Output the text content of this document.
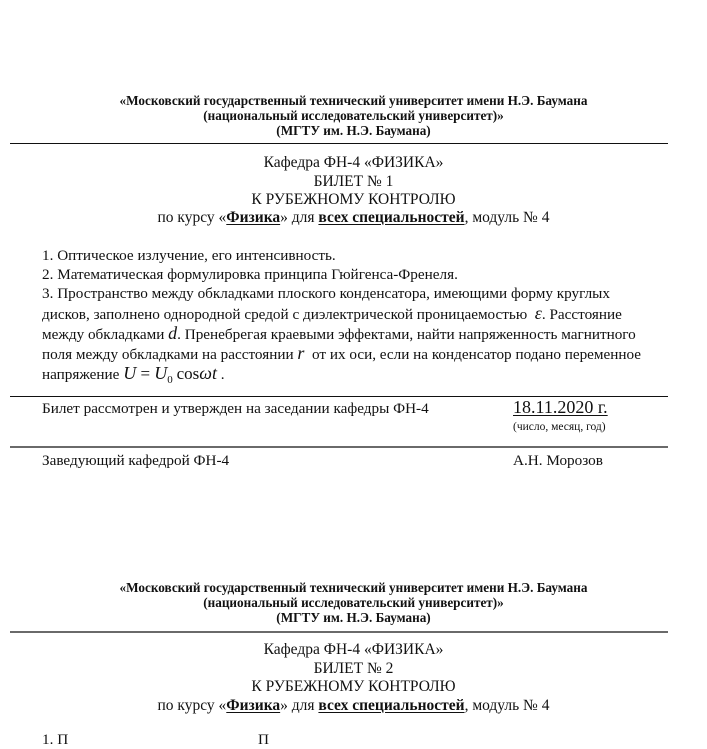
«Московский государственный технический университет имени Н.Э. Баумана
(национальный исследовательский университет)»
(МГТУ им. Н.Э. Баумана)
Кафедра ФН-4 «ФИЗИКА»
БИЛЕТ № 1
К РУБЕЖНОМУ КОНТРОЛЮ
по курсу «Физика» для всех специальностей, модуль № 4
1. Оптическое излучение, его интенсивность.
2. Математическая формулировка принципа Гюйгенса-Френеля.
3. Пространство между обкладками плоского конденсатора, имеющими форму круглых
дисков, заполнено однородной средой с диэлектрической проницаемостью ε. Расстояние
между обкладками d. Пренебрегая краевыми эффектами, найти напряженность магнитного
поля между обкладками на расстоянии r от их оси, если на конденсатор подано переменное
напряжение $U = U_0$ cosωt .
Билет рассмотрен и утвержден на заседании кафедры ФН-4	18.11.2020 г.
(число, месяц, год)
Заведующий кафедрой ФН-4	А.Н. Морозов
«Московский государственный технический университет имени Н.Э. Баумана
(национальный исследовательский университет)»
(МГТУ им. Н.Э. Баумана)
Кафедра ФН-4 «ФИЗИКА»
БИЛЕТ № 2
К РУБЕЖНОМУ КОНТРОЛЮ
по курсу «Физика» для всех специальностей, модуль № 4
1. П                                                  П
